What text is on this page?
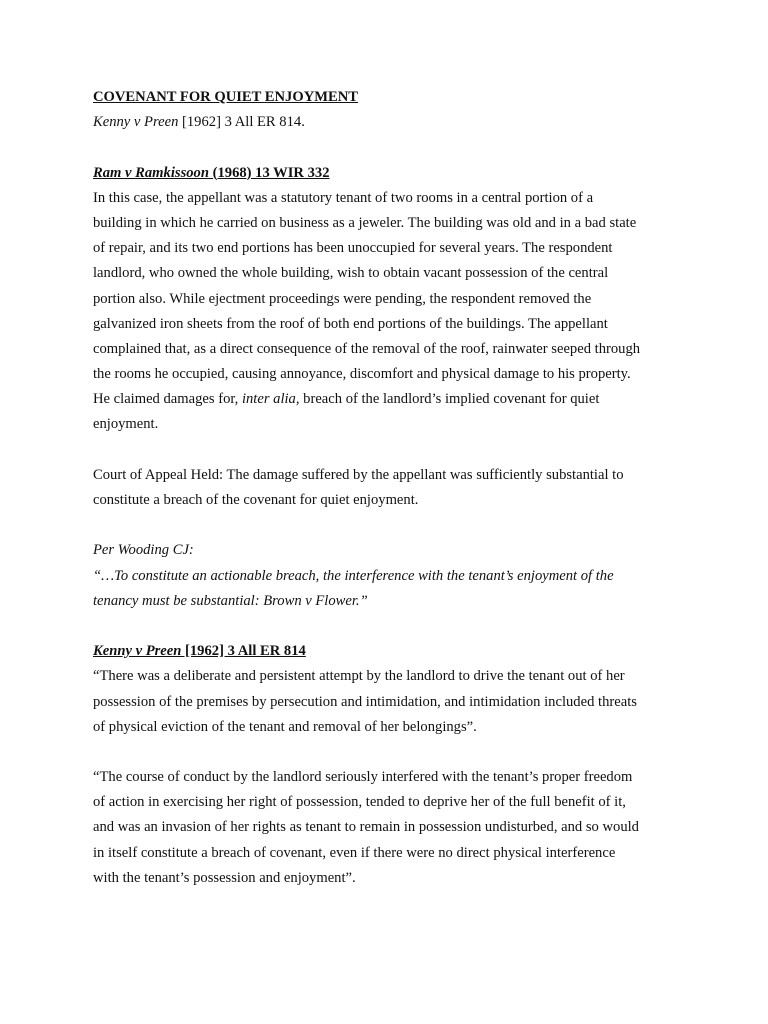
COVENANT FOR QUIET ENJOYMENT
Kenny v Preen [1962] 3 All ER 814.
Ram v Ramkissoon (1968) 13 WIR 332
In this case, the appellant was a statutory tenant of two rooms in a central portion of a
building in which he carried on business as a jeweler. The building was old and in a bad state
of repair, and its two end portions has been unoccupied for several years. The respondent
landlord, who owned the whole building, wish to obtain vacant possession of the central
portion also. While ejectment proceedings were pending, the respondent removed the
galvanized iron sheets from the roof of both end portions of the buildings. The appellant
complained that, as a direct consequence of the removal of the roof, rainwater seeped through
the rooms he occupied, causing annoyance, discomfort and physical damage to his property.
He claimed damages for, inter alia, breach of the landlord’s implied covenant for quiet
enjoyment.
Court of Appeal Held: The damage suffered by the appellant was sufficiently substantial to
constitute a breach of the covenant for quiet enjoyment.
Per Wooding CJ:
“…To constitute an actionable breach, the interference with the tenant’s enjoyment of the
tenancy must be substantial: Brown v Flower.”
Kenny v Preen [1962] 3 All ER 814
“There was a deliberate and persistent attempt by the landlord to drive the tenant out of her
possession of the premises by persecution and intimidation, and intimidation included threats
of physical eviction of the tenant and removal of her belongings”.
“The course of conduct by the landlord seriously interfered with the tenant’s proper freedom
of action in exercising her right of possession, tended to deprive her of the full benefit of it,
and was an invasion of her rights as tenant to remain in possession undisturbed, and so would
in itself constitute a breach of covenant, even if there were no direct physical interference
with the tenant’s possession and enjoyment”.
